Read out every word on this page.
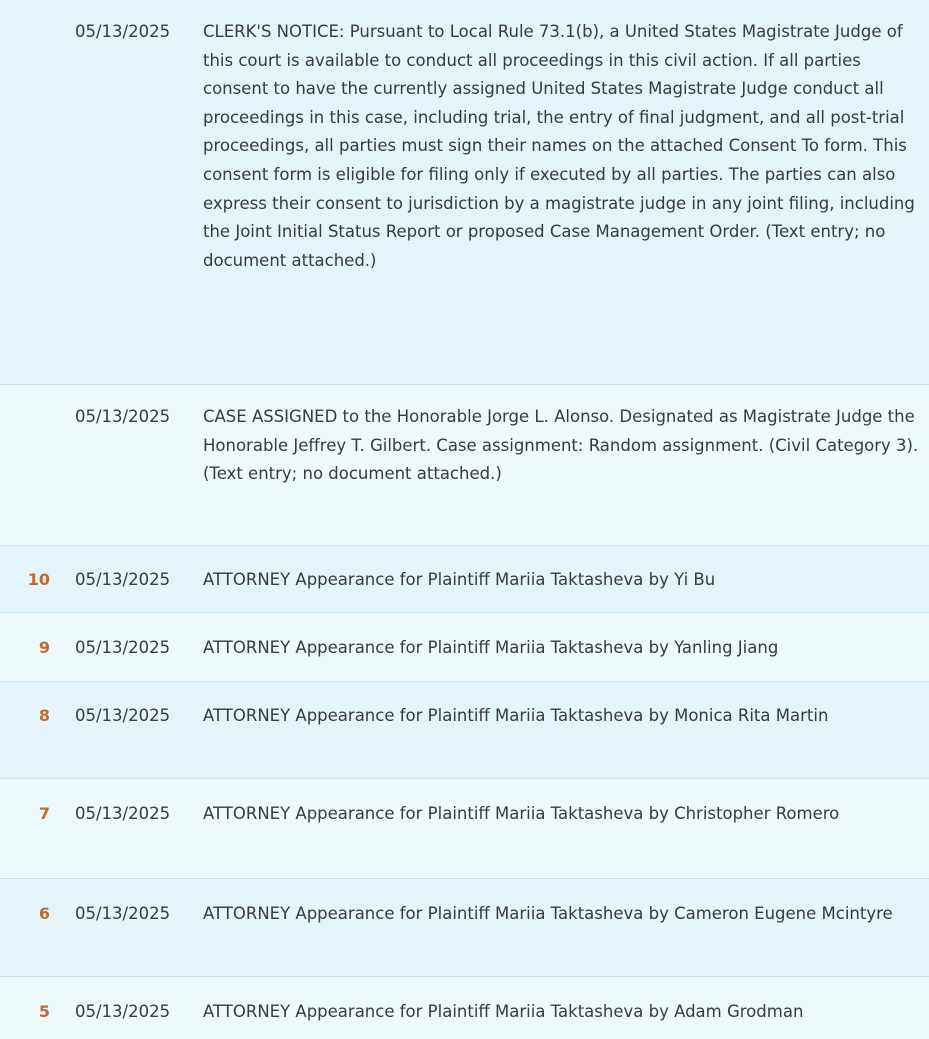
05/13/2025 CLERK'S NOTICE: Pursuant to Local Rule 73.1(b), a United States Magistrate Judge of this court is available to conduct all proceedings in this civil action. If all parties consent to have the currently assigned United States Magistrate Judge conduct all proceedings in this case, including trial, the entry of final judgment, and all post-trial proceedings, all parties must sign their names on the attached Consent To form. This consent form is eligible for filing only if executed by all parties. The parties can also express their consent to jurisdiction by a magistrate judge in any joint filing, including the Joint Initial Status Report or proposed Case Management Order. (Text entry; no document attached.)
05/13/2025 CASE ASSIGNED to the Honorable Jorge L. Alonso. Designated as Magistrate Judge the Honorable Jeffrey T. Gilbert. Case assignment: Random assignment. (Civil Category 3). (Text entry; no document attached.)
10 05/13/2025 ATTORNEY Appearance for Plaintiff Mariia Taktasheva by Yi Bu
9 05/13/2025 ATTORNEY Appearance for Plaintiff Mariia Taktasheva by Yanling Jiang
8 05/13/2025 ATTORNEY Appearance for Plaintiff Mariia Taktasheva by Monica Rita Martin
7 05/13/2025 ATTORNEY Appearance for Plaintiff Mariia Taktasheva by Christopher Romero
6 05/13/2025 ATTORNEY Appearance for Plaintiff Mariia Taktasheva by Cameron Eugene Mcintyre
5 05/13/2025 ATTORNEY Appearance for Plaintiff Mariia Taktasheva by Adam Grodman
